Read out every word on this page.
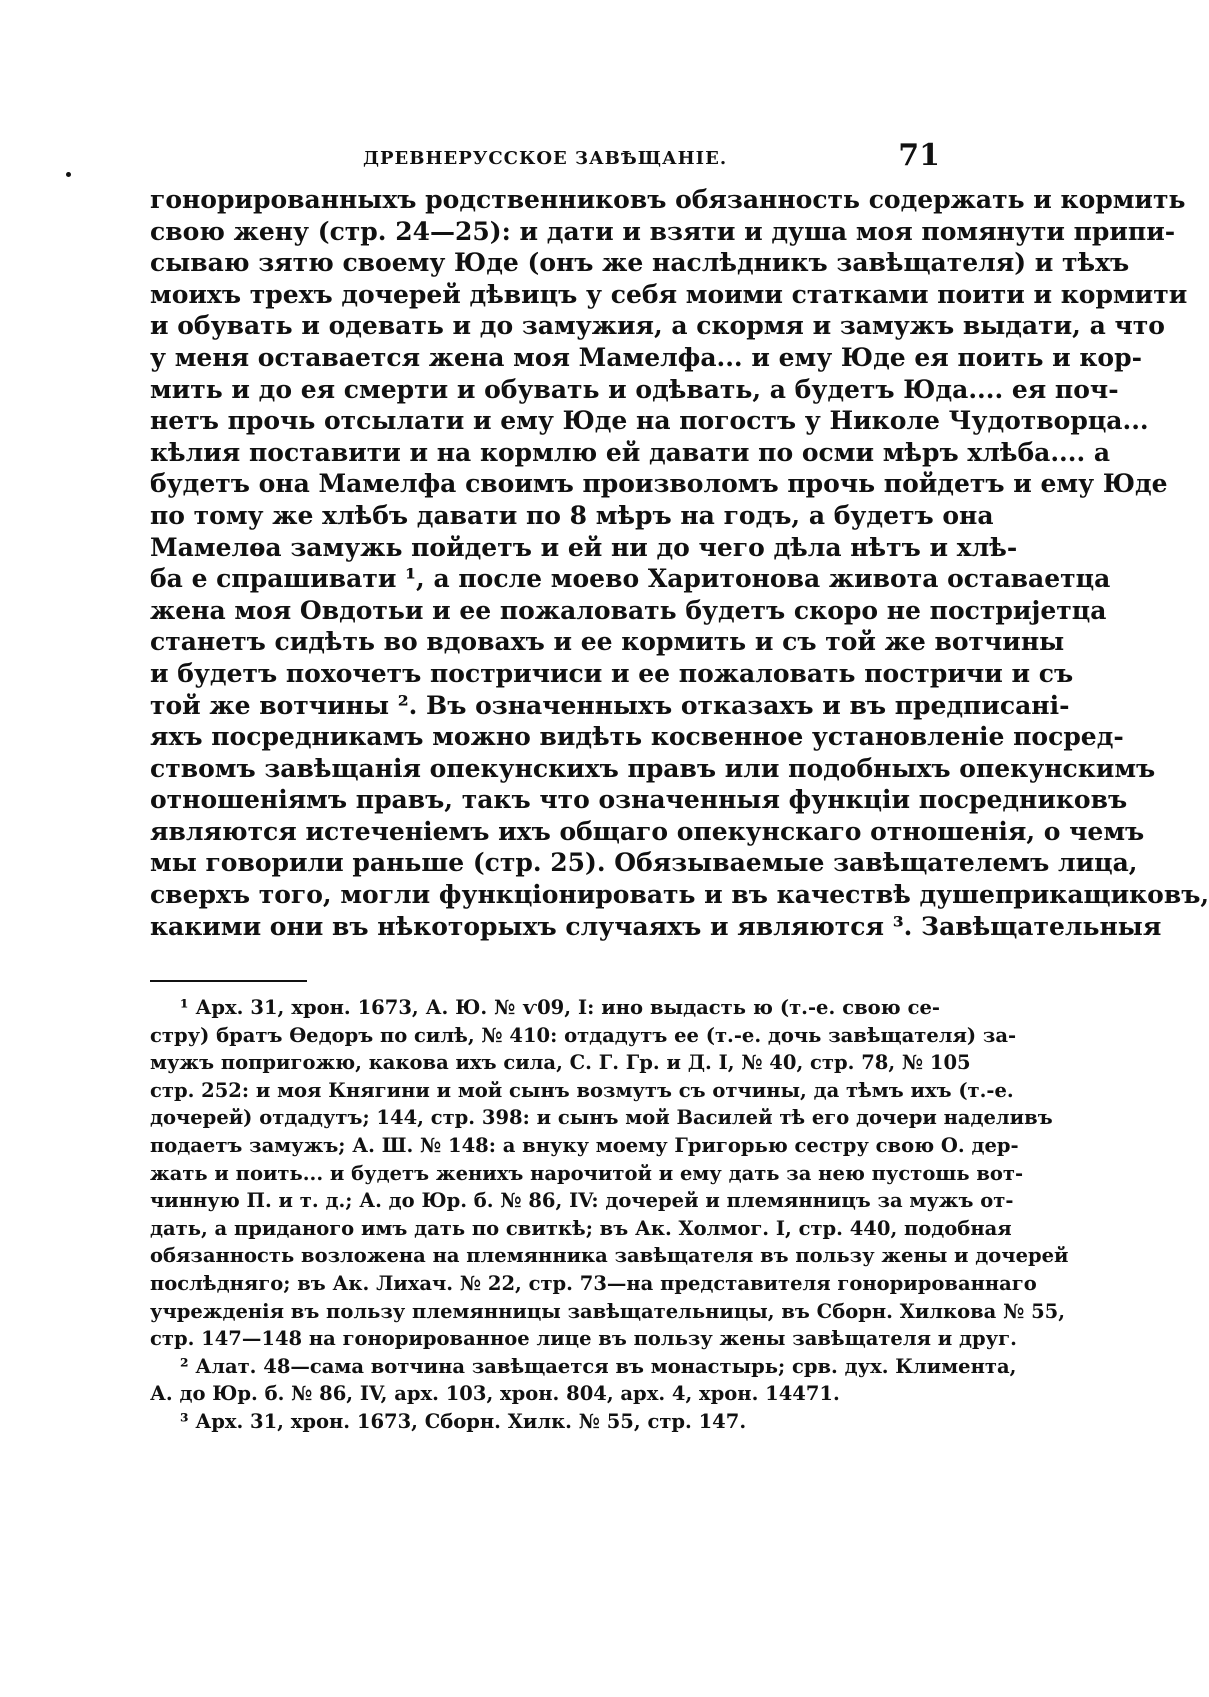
ДРЕВНЕРУССКОЕ ЗАВѢЩАНІЕ.	71
гонорированныхъ родственниковъ обязанность содержать и кормить
свою жену (стр. 24—25): и дати и взяти и душа моя помянути припи-
сываю зятю своему Юде (онъ же наслѣдникъ завѣщателя) и тѣхъ
моихъ трехъ дочерей дѣвицъ у себя моими статками поити и кормити
и обувать и одевать и до замужия, а скормя и замужъ выдати, а что
у меня оставается жена моя Мамелфа... и ему Юде ея поить и кор-
мить и до ея смерти и обувать и одѣвать, а будетъ Юда.... ея поч-
нетъ прочь отсылати и ему Юде на погостъ у Николе Чудотворца...
кѣлия поставити и на кормлю ей давати по осми мѣръ хлѣба.... а
будетъ она Мамелфа своимъ произволомъ прочь пойдетъ и ему Юде
по тому же хлѣбъ давати по 8 мѣръ на годъ, а будетъ она
Мамелѳа замужь пойдетъ и ей ни до чего дѣла нѣтъ и хлѣ-
ба е спрашивати ¹, а после моево Харитонова живота оставаетца
жена моя Овдотьи и ее пожаловать будетъ скоро не постриjетца
станетъ сидѣть во вдовахъ и ее кормить и съ той же вотчины
и будетъ похочетъ постричиси и ее пожаловать постричи и съ
той же вотчины ². Въ означенныхъ отказахъ и въ предписані-
яхъ посредникамъ можно видѣть косвенное установленіе посред-
ствомъ завѣщанія опекунскихъ правъ или подобныхъ опекунскимъ
отношеніямъ правъ, такъ что означенныя функціи посредниковъ
являются истеченіемъ ихъ общаго опекунскаго отношенія, о чемъ
мы говорили раньше (стр. 25). Обязываемые завѣщателемъ лица,
сверхъ того, могли функціонировать и въ качествѣ душеприкащиковъ,
какими они въ нѣкоторыхъ случаяхъ и являются ³. Завѣщательныя
¹ Арх. 31, хрон. 1673, А. Ю. № ѵ09, I: ино выдасть ю (т.-е. свою се-
стру) братъ Ѳедоръ по силѣ, № 410: отдадутъ ее (т.-е. дочь завѣщателя) за-
мужъ попригожю, какова ихъ сила, С. Г. Гр. и Д. I, № 40, стр. 78, № 105
стр. 252: и моя Княгини и мой сынъ возмутъ съ отчины, да тѣмъ ихъ (т.-е.
дочерей) отдадутъ; 144, стр. 398: и сынъ мой Василей тѣ его дочери наделивъ
подаетъ замужъ; А. Ш. № 148: а внуку моему Григорью сестру свою О. дер-
жать и поить... и будетъ жениxъ нарочитой и ему дать за нею пустошь вот-
чинную П. и т. д.; А. до Юр. б. № 86, IV: дочерей и племянницъ за мужъ от-
дать, а приданого имъ дать по свиткѣ; въ Ак. Холмог. I, стр. 440, подобная
обязанность возложена на племянника завѣщателя въ пользу жены и дочерей
послѣдняго; въ Ак. Лихач. № 22, стр. 73—на представителя гонорированнаго
учрежденія въ пользу племянницы завѣщательницы, въ Сборн. Хилкова № 55,
стр. 147—148 на гонорированное лице въ пользу жены завѣщателя и друг.
² Алат. 48—сама вотчина завѣщается въ монастырь; срв. дух. Климента,
А. до Юр. б. № 86, IV, арх. 103, хрон. 804, арх. 4, хрон. 14471.
³ Арх. 31, хрон. 1673, Сборн. Хилк. № 55, стр. 147.
